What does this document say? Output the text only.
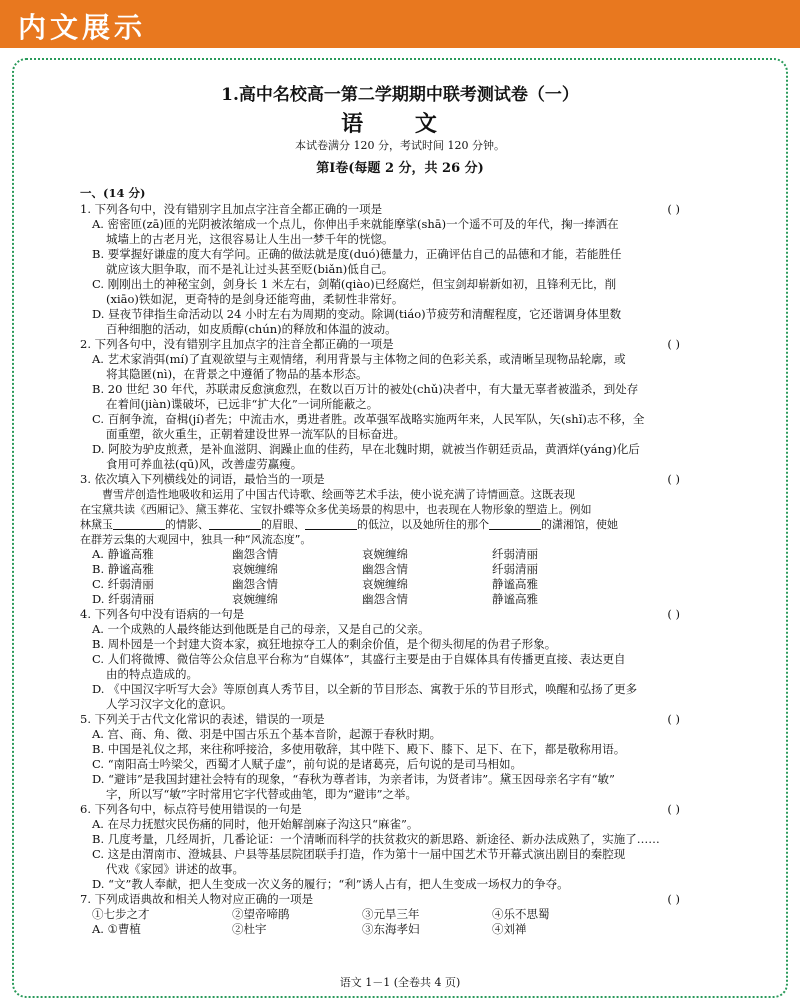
内文展示
1.高中名校高一第二学期期中联考测试卷（一）
语 文
本试卷满分 120 分，考试时间 120 分钟。
第Ⅰ卷(每题 2 分，共 26 分)
一、(14 分)
1. 下列各句中，没有错别字且加点字注音全都正确的一项是	( )
A. 密密匝(zā)匝的光阴被浓缩成一个点儿，你伸出手来就能摩挲(shā)一个遥不可及的年代，掬一捧洒在
城墙上的古老月光，这很容易让人生出一梦千年的恍惚。
B. 要掌握好谦虚的度大有学问。正确的做法就是度(duó)德量力，正确评估自己的品德和才能，若能胜任
就应该大胆争取，而不是礼让过头甚至贬(biǎn)低自己。
C. 刚刚出土的神秘宝剑，剑身长 1 米左右，剑鞘(qiào)已经腐烂，但宝剑却崭新如初，且锋利无比，削
(xiāo)铁如泥，更奇特的是剑身还能弯曲，柔韧性非常好。
D. 昼夜节律指生命活动以 24 小时左右为周期的变动。除调(tiáo)节疲劳和清醒程度，它还谐调身体里数
百种细胞的活动，如皮质醇(chún)的释放和体温的波动。
2. 下列各句中，没有错别字且加点字的注音全都正确的一项是	( )
A. 艺术家消弭(mí)了直观欲望与主观情绪，利用背景与主体物之间的色彩关系，或清晰呈现物品轮廓，或
将其隐匿(nì)，在背景之中遵循了物品的基本形态。
B. 20 世纪 30 年代，苏联肃反愈演愈烈，在数以百万计的被处(chǔ)决者中，有大量无辜者被滥杀，到处存
在着间(jiàn)谍破坏，已远非“扩大化”一词所能蔽之。
C. 百舸争流，奋楫(jí)者先；中流击水，勇进者胜。改革强军战略实施两年来，人民军队，矢(shǐ)志不移，全
面重塑，欲火重生，正朝着建设世界一流军队的目标奋进。
D. 阿胶为驴皮煎煮，是补血滋阴、润躁止血的佳药，早在北魏时期，就被当作朝廷贡品，黄酒烊(yáng)化后
食用可养血祛(qū)风，改善虚劳赢瘦。
3. 依次填入下列横线处的词语，最恰当的一项是	( )
曹雪芹创造性地吸收和运用了中国古代诗歌、绘画等艺术手法，使小说充满了诗情画意。这既表现
在宝黛共读《西厢记》、黛玉葬花、宝钗扑蝶等众多优美场景的构思中，也表现在人物形象的塑造上。例如
林黛玉	的情影、	的眉眼、	的低泣，以及她所住的那个	的潇湘馆，使她
在群芳云集的大观园中，独具一种“风流态度”。
A. 静谧高雅	幽怨含情	哀婉缠绵	纤弱清丽
B. 静谧高雅	哀婉缠绵	幽怨含情	纤弱清丽
C. 纤弱清丽	幽怨含情	哀婉缠绵	静谧高雅
D. 纤弱清丽	哀婉缠绵	幽怨含情	静谧高雅
4. 下列各句中没有语病的一句是	( )
A. 一个成熟的人最终能达到他既是自己的母亲，又是自己的父亲。
B. 周朴园是一个封建大资本家，疯狂地掠夺工人的剩余价值，是个彻头彻尾的伪君子形象。
C. 人们将微博、微信等公众信息平台称为“自媒体”，其盛行主要是由于自媒体具有传播更直接、表达更自
由的特点造成的。
D. 《中国汉字听写大会》等原创真人秀节目，以全新的节目形态、寓教于乐的节目形式，唤醒和弘扬了更多
人学习汉字文化的意识。
5. 下列关于古代文化常识的表述，错误的一项是	( )
A. 宫、商、角、徵、羽是中国古乐五个基本音阶，起源于春秋时期。
B. 中国是礼仪之邦，来往称呼接洽，多使用敬辞，其中陛下、殿下、膝下、足下、在下，都是敬称用语。
C. “南阳高士吟梁父，西蜀才人赋子虚”，前句说的是诸葛亮，后句说的是司马相如。
D. “避讳”是我国封建社会特有的现象，“春秋为尊者讳，为亲者讳，为贤者讳”。黛玉因母亲名字有“敏”
字，所以写“敏”字时常用它字代替或曲笔，即为“避讳”之举。
6. 下列各句中，标点符号使用错误的一句是	( )
A. 在尽力抚慰灾民伤痛的同时，他开始解剖麻子沟这只“麻雀”。
B. 几度考量，几经周折，几番论证：一个清晰而科学的扶贫救灾的新思路、新途径、新办法成熟了，实施了……
C. 这是由渭南市、澄城县、户县等基层院团联手打造，作为第十一届中国艺术节开幕式演出剧目的秦腔现
代戏《家园》讲述的故事。
D. “文”教人奉献，把人生变成一次义务的履行；“利”诱人占有，把人生变成一场权力的争夺。
7. 下列成语典故和相关人物对应正确的一项是	( )
①七步之才	②望帝啼鹃	③元旱三年	④乐不思蜀
A. ①曹植	②杜宇	③东海孝妇	④刘禅
语文 1－1 (全卷共 4 页)
